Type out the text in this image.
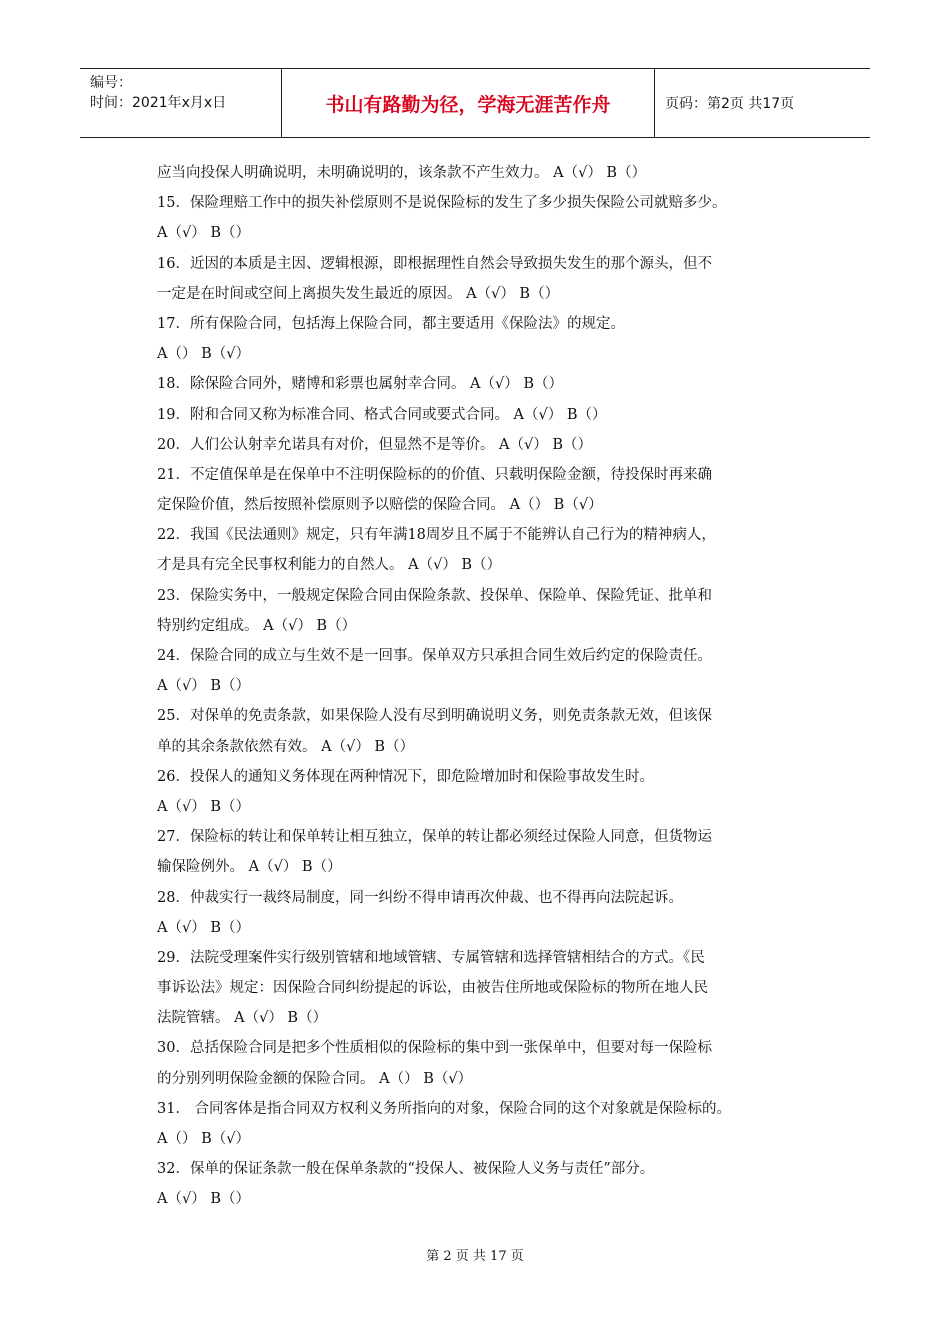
编号：
时间：2021年x月x日	书山有路勤为径，学海无涯苦作舟	页码：第2页 共17页
应当向投保人明确说明，未明确说明的，该条款不产生效力。 A（√） B（）
15．保险理赔工作中的损失补偿原则不是说保险标的发生了多少损失保险公司就赔多少。
A（√） B（）
16．近因的本质是主因、逻辑根源，即根据理性自然会导致损失发生的那个源头，但不
一定是在时间或空间上离损失发生最近的原因。 A（√） B（）
17．所有保险合同，包括海上保险合同，都主要适用《保险法》的规定。
A（） B（√）
18．除保险合同外，赌博和彩票也属射幸合同。 A（√） B（）
19．附和合同又称为标准合同、格式合同或要式合同。 A（√） B（）
20．人们公认射幸允诺具有对价，但显然不是等价。 A（√） B（）
21．不定值保单是在保单中不注明保险标的的价值、只载明保险金额，待投保时再来确
定保险价值，然后按照补偿原则予以赔偿的保险合同。 A（） B（√）
22．我国《民法通则》规定，只有年满18周岁且不属于不能辨认自己行为的精神病人，
才是具有完全民事权利能力的自然人。 A（√） B（）
23．保险实务中，一般规定保险合同由保险条款、投保单、保险单、保险凭证、批单和
特别约定组成。 A（√） B（）
24．保险合同的成立与生效不是一回事。保单双方只承担合同生效后约定的保险责任。
A（√） B（）
25．对保单的免责条款，如果保险人没有尽到明确说明义务，则免责条款无效，但该保
单的其余条款依然有效。 A（√） B（）
26．投保人的通知义务体现在两种情况下，即危险增加时和保险事故发生时。
A（√） B（）
27．保险标的转让和保单转让相互独立，保单的转让都必须经过保险人同意，但货物运
输保险例外。 A（√） B（）
28．仲裁实行一裁终局制度，同一纠纷不得申请再次仲裁、也不得再向法院起诉。
A（√） B（）
29．法院受理案件实行级别管辖和地域管辖、专属管辖和选择管辖相结合的方式。《民
事诉讼法》规定：因保险合同纠纷提起的诉讼，由被告住所地或保险标的物所在地人民
法院管辖。 A（√） B（）
30．总括保险合同是把多个性质相似的保险标的集中到一张保单中，但要对每一保险标
的分别列明保险金额的保险合同。 A（） B（√）
31． 合同客体是指合同双方权利义务所指向的对象，保险合同的这个对象就是保险标的。
A（） B（√）
32．保单的保证条款一般在保单条款的“投保人、被保险人义务与责任”部分。
A（√） B（）
第 2 页 共 17 页
